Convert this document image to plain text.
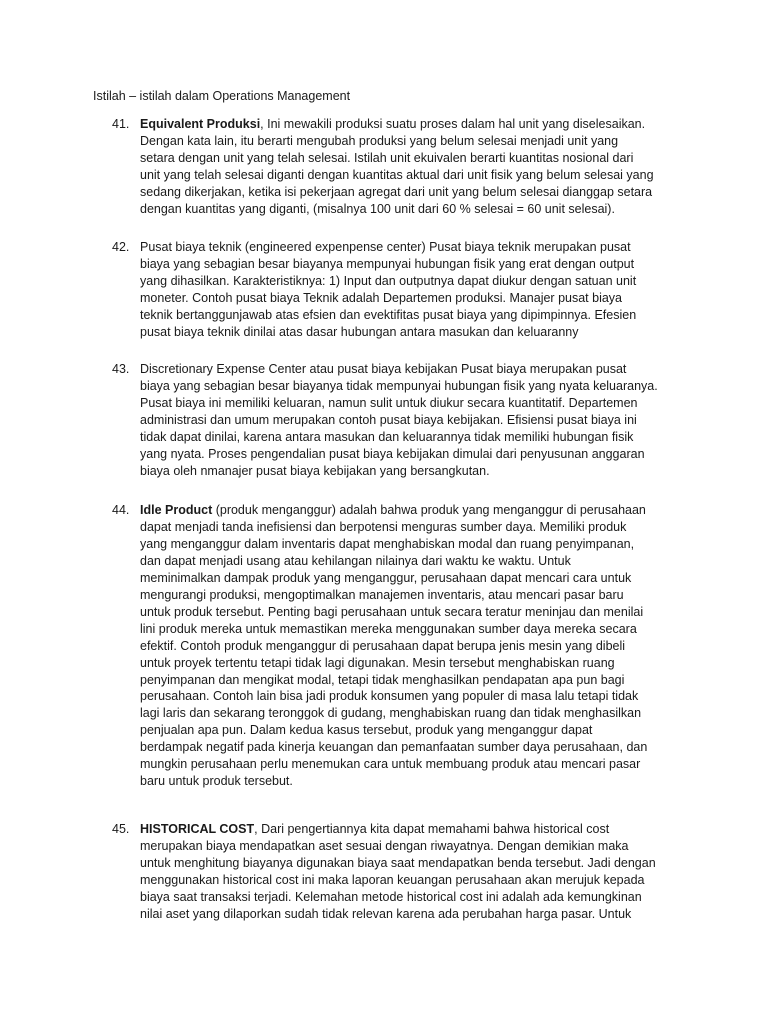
Istilah – istilah dalam Operations Management
41. Equivalent Produksi, Ini mewakili produksi suatu proses dalam hal unit yang diselesaikan.
Dengan kata lain, itu berarti mengubah produksi yang belum selesai menjadi unit yang
setara dengan unit yang telah selesai. Istilah unit ekuivalen berarti kuantitas nosional dari
unit yang telah selesai diganti dengan kuantitas aktual dari unit fisik yang belum selesai yang
sedang dikerjakan, ketika isi pekerjaan agregat dari unit yang belum selesai dianggap setara
dengan kuantitas yang diganti, (misalnya 100 unit dari 60 % selesai = 60 unit selesai).
42. Pusat biaya teknik (engineered expenpense center) Pusat biaya teknik merupakan pusat
biaya yang sebagian besar biayanya mempunyai hubungan fisik yang erat dengan output
yang dihasilkan. Karakteristiknya: 1) Input dan outputnya dapat diukur dengan satuan unit
moneter. Contoh pusat biaya Teknik adalah Departemen produksi. Manajer pusat biaya
teknik bertanggunjawab atas efsien dan evektifitas pusat biaya yang dipimpinnya. Efesien
pusat biaya teknik dinilai atas dasar hubungan antara masukan dan keluaranny
43. Discretionary Expense Center atau pusat biaya kebijakan Pusat biaya merupakan pusat
biaya yang sebagian besar biayanya tidak mempunyai hubungan fisik yang nyata keluaranya.
Pusat biaya ini memiliki keluaran, namun sulit untuk diukur secara kuantitatif. Departemen
administrasi dan umum merupakan contoh pusat biaya kebijakan. Efisiensi pusat biaya ini
tidak dapat dinilai, karena antara masukan dan keluarannya tidak memiliki hubungan fisik
yang nyata. Proses pengendalian pusat biaya kebijakan dimulai dari penyusunan anggaran
biaya oleh nmanajer pusat biaya kebijakan yang bersangkutan.
44. Idle Product (produk menganggur) adalah bahwa produk yang menganggur di perusahaan
dapat menjadi tanda inefisiensi dan berpotensi menguras sumber daya. Memiliki produk
yang menganggur dalam inventaris dapat menghabiskan modal dan ruang penyimpanan,
dan dapat menjadi usang atau kehilangan nilainya dari waktu ke waktu. Untuk
meminimalkan dampak produk yang menganggur, perusahaan dapat mencari cara untuk
mengurangi produksi, mengoptimalkan manajemen inventaris, atau mencari pasar baru
untuk produk tersebut. Penting bagi perusahaan untuk secara teratur meninjau dan menilai
lini produk mereka untuk memastikan mereka menggunakan sumber daya mereka secara
efektif. Contoh produk menganggur di perusahaan dapat berupa jenis mesin yang dibeli
untuk proyek tertentu tetapi tidak lagi digunakan. Mesin tersebut menghabiskan ruang
penyimpanan dan mengikat modal, tetapi tidak menghasilkan pendapatan apa pun bagi
perusahaan. Contoh lain bisa jadi produk konsumen yang populer di masa lalu tetapi tidak
lagi laris dan sekarang teronggok di gudang, menghabiskan ruang dan tidak menghasilkan
penjualan apa pun. Dalam kedua kasus tersebut, produk yang menganggur dapat
berdampak negatif pada kinerja keuangan dan pemanfaatan sumber daya perusahaan, dan
mungkin perusahaan perlu menemukan cara untuk membuang produk atau mencari pasar
baru untuk produk tersebut.
45. HISTORICAL COST, Dari pengertiannya kita dapat memahami bahwa historical cost
merupakan biaya mendapatkan aset sesuai dengan riwayatnya. Dengan demikian maka
untuk menghitung biayanya digunakan biaya saat mendapatkan benda tersebut. Jadi dengan
menggunakan historical cost ini maka laporan keuangan perusahaan akan merujuk kepada
biaya saat transaksi terjadi. Kelemahan metode historical cost ini adalah ada kemungkinan
nilai aset yang dilaporkan sudah tidak relevan karena ada perubahan harga pasar. Untuk
